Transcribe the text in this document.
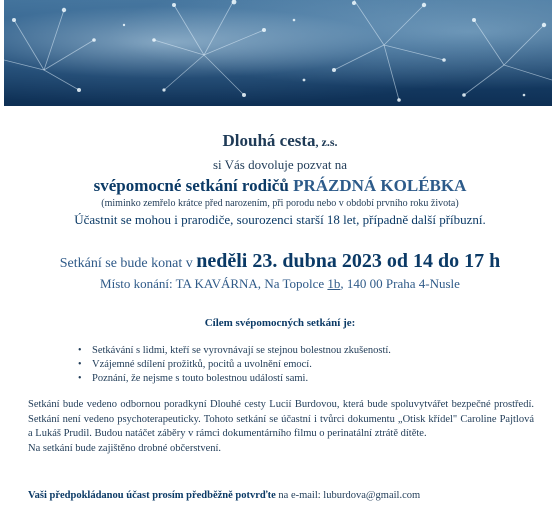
Dlouhá cesta, z.s.
si Vás dovoluje pozvat na
svépomocné setkání rodičů PRÁZDNÁ KOLÉBKA
(miminko zemřelo krátce před narozením, při porodu nebo v období prvního roku života)
Účastnit se mohou i prarodiče, sourozenci starší 18 let, případně další příbuzní.
Setkání se bude konat v neděli 23. dubna 2023 od 14 do 17 h
Místo konání: TA KAVÁRNA, Na Topolce 1b, 140 00 Praha 4-Nusle
Cílem svépomocných setkání je:
• Setkávání s lidmi, kteří se vyrovnávají se stejnou bolestnou zkušeností.
• Vzájemné sdílení prožitků, pocitů a uvolnění emocí.
• Poznání, že nejsme s touto bolestnou událostí sami.

Setkání bude vedeno odbornou poradkyní Dlouhé cesty Lucií Burdovou, která bude spoluvytvářet bezpečné prostředí. Setkání není vedeno psychoterapeuticky. Tohoto setkání se účastní i tvůrci dokumentu „Otisk křídel" Caroline Pajtlová a Lukáš Prudil. Budou natáčet záběry v rámci dokumentárního filmu o perinatální ztrátě dítěte.

Na setkání bude zajištěno drobné občerstvení.

Vaši předpokládanou účast prosím předběžně potvrďte na e-mail: luburdova@gmail.com
